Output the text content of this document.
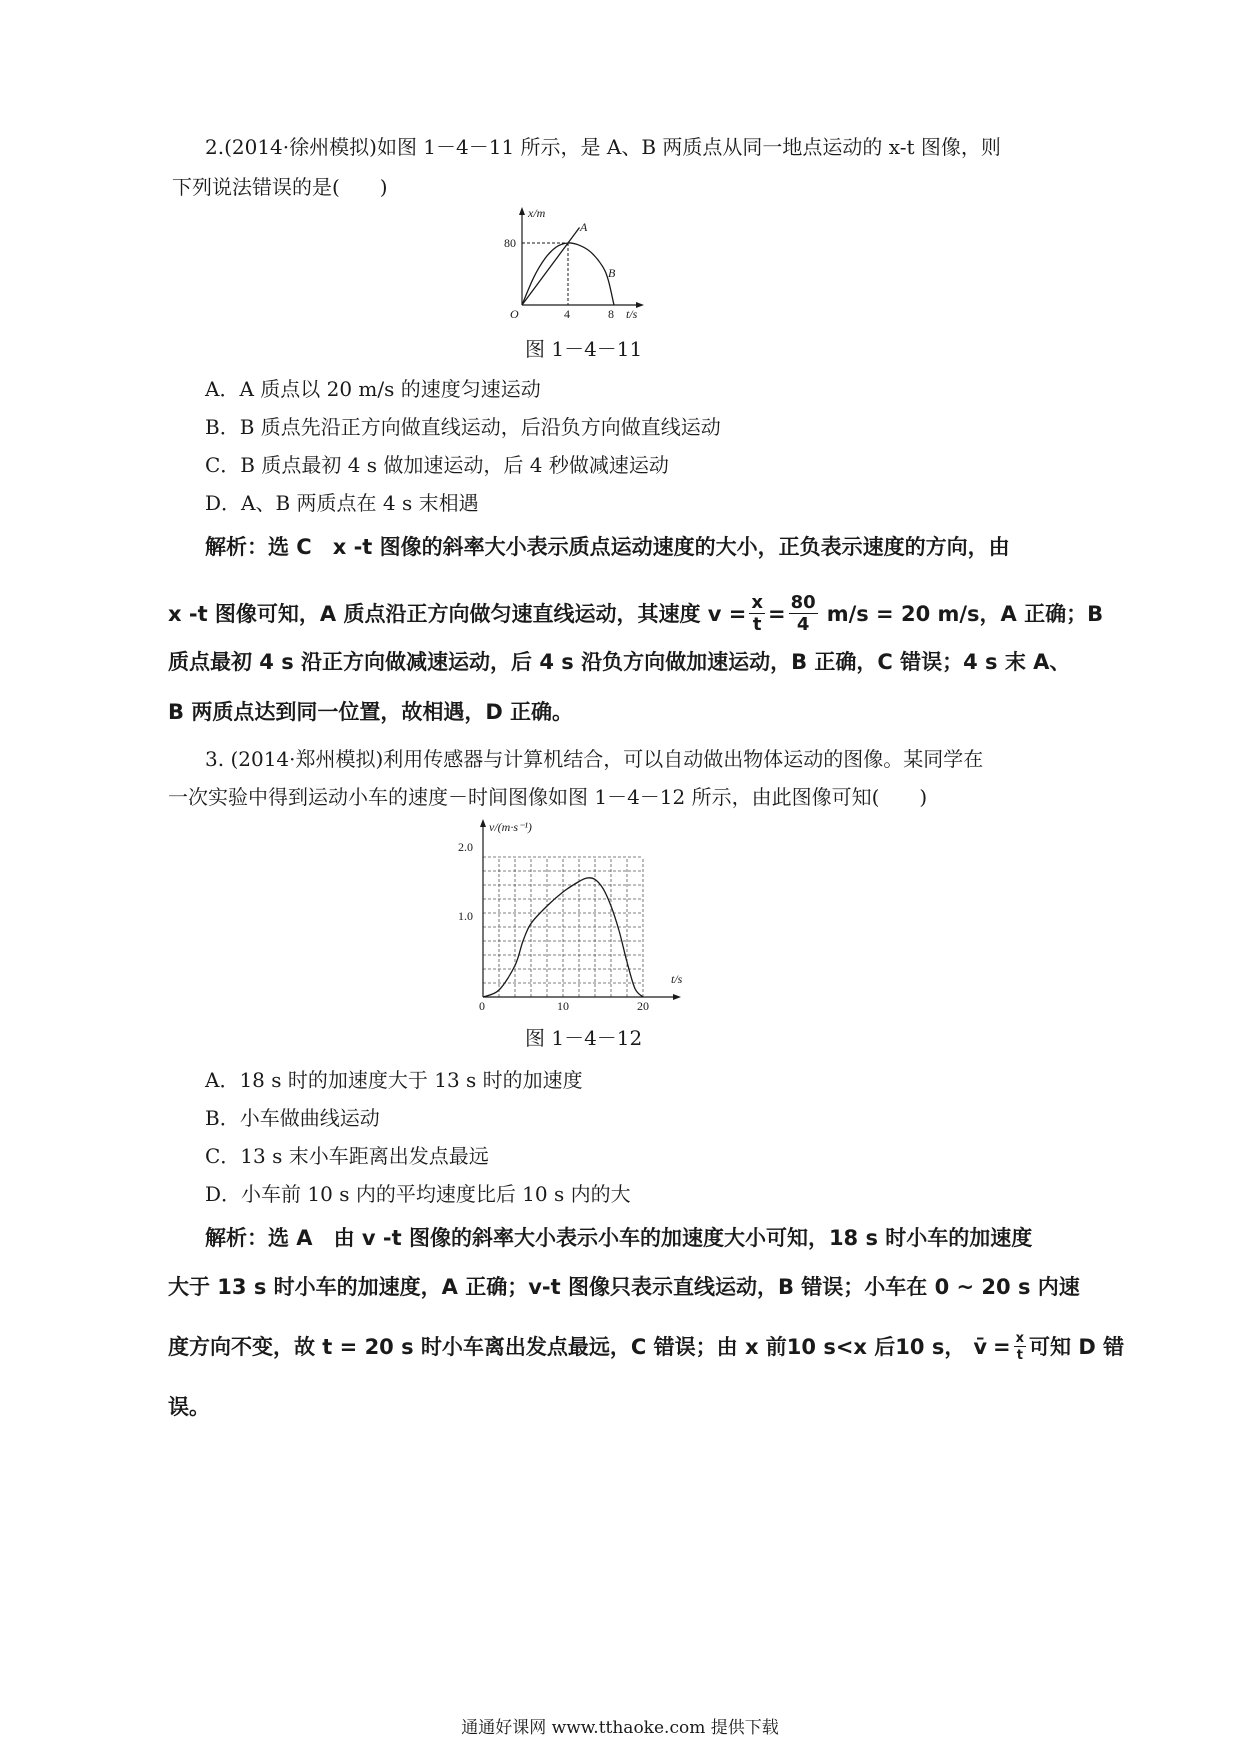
2.(2014·徐州模拟)如图 1－4－11 所示，是 A、B 两质点从同一地点运动的 x-t 图像，则
下列说法错误的是(　　)
x/m
80
O	4	8 t/s
A
B
图 1－4－11
A．A 质点以 20 m/s 的速度匀速运动
B．B 质点先沿正方向做直线运动，后沿负方向做直线运动
C．B 质点最初 4 s 做加速运动，后 4 秒做减速运动
D．A、B 两质点在 4 s 末相遇
解析：选 C　x -t 图像的斜率大小表示质点运动速度的大小，正负表示速度的方向，由
x -t 图像可知，A 质点沿正方向做匀速直线运动，其速度 $v = \frac{x}{t} = \frac{80}{4} m/s = 20$ m/s，A 正确；B
质点最初 4 s 沿正方向做减速运动，后 4 s 沿负方向做加速运动，B 正确，C 错误；4 s 末 A、
B 两质点达到同一位置，故相遇，D 正确。
3. (2014·郑州模拟)利用传感器与计算机结合，可以自动做出物体运动的图像。某同学在
一次实验中得到运动小车的速度－时间图像如图 1－4－12 所示，由此图像可知(　　)
v/(m·s⁻¹)
2.0
1.0
0	10	20
t/s
图 1－4－12
A．18 s 时的加速度大于 13 s 时的加速度
B．小车做曲线运动
C．13 s 末小车距离出发点最远
D．小车前 10 s 内的平均速度比后 10 s 内的大
解析：选 A　由 v -t 图像的斜率大小表示小车的加速度大小可知，18 s 时小车的加速度
大于 13 s 时小车的加速度，A 正确；v-t 图像只表示直线运动，B 错误；小车在 0 ~ 20 s 内速
度方向不变，故 t = 20 s 时小车离出发点最远，C 错误；由 x 前10 s<x 后10 s， v̄ = $\frac{x}{t}$ 可知 D 错
误。
通通好课网 www.tthaoke.com 提供下载
